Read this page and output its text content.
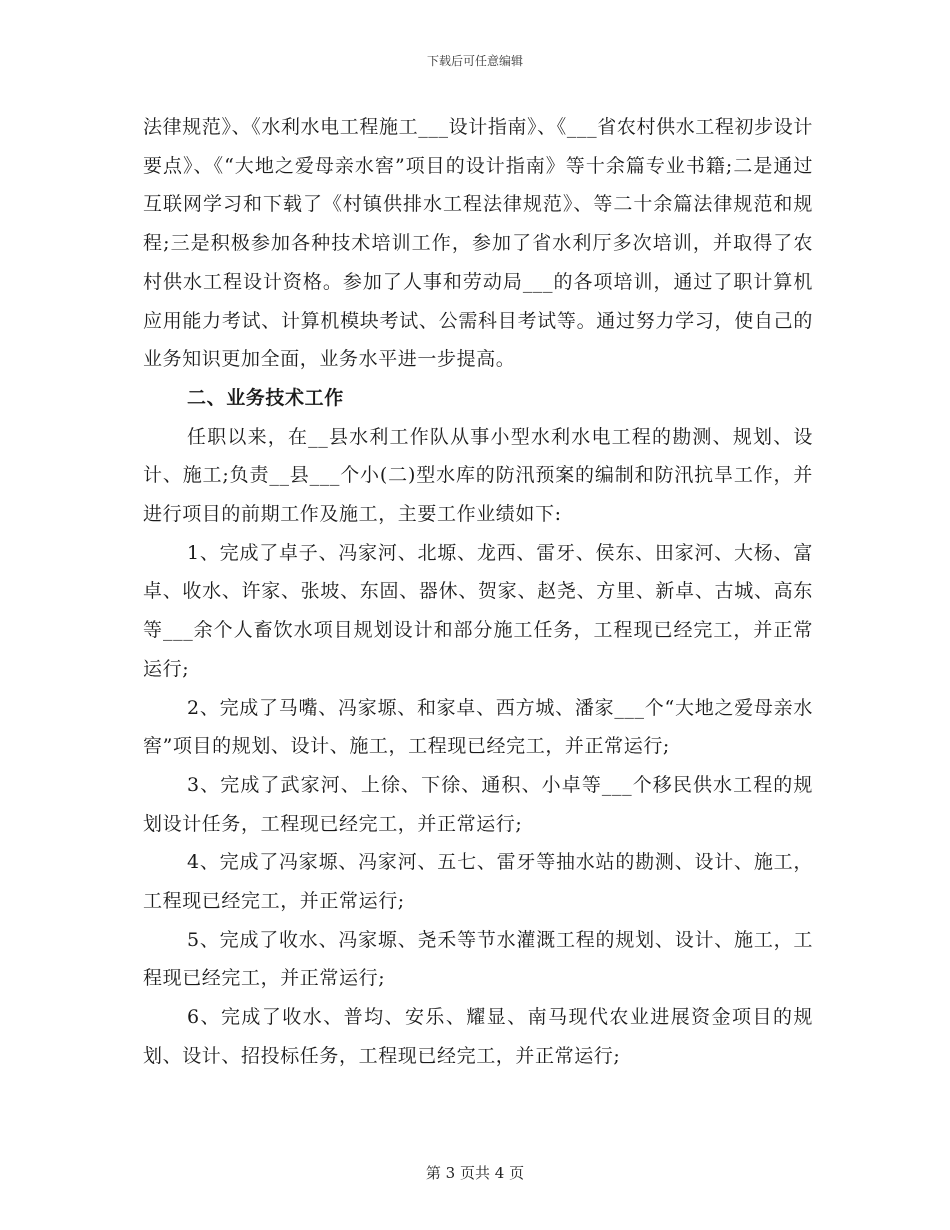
下载后可任意编辑

法律规范》、《水利水电工程施工___设计指南》、《___省农村供水工程初步设计要点》、《“大地之爱母亲水窖”项目的设计指南》等十余篇专业书籍;二是通过互联网学习和下载了《村镇供排水工程法律规范》、等二十余篇法律规范和规程;三是积极参加各种技术培训工作，参加了省水利厅多次培训，并取得了农村供水工程设计资格。参加了人事和劳动局___的各项培训，通过了职计算机应用能力考试、计算机模块考试、公需科目考试等。通过努力学习，使自己的业务知识更加全面，业务水平进一步提高。

二、业务技术工作

任职以来，在__县水利工作队从事小型水利水电工程的勘测、规划、设计、施工;负责__县___个小(二)型水库的防汛预案的编制和防汛抗旱工作，并进行项目的前期工作及施工，主要工作业绩如下:

1、完成了卓子、冯家河、北塬、龙西、雷牙、侯东、田家河、大杨、富卓、收水、许家、张坡、东固、器休、贺家、赵尧、方里、新卓、古城、高东等___余个人畜饮水项目规划设计和部分施工任务，工程现已经完工，并正常运行;

2、完成了马嘴、冯家塬、和家卓、西方城、潘家___个“大地之爱母亲水窖”项目的规划、设计、施工，工程现已经完工，并正常运行;

3、完成了武家河、上徐、下徐、通积、小卓等___个移民供水工程的规划设计任务，工程现已经完工，并正常运行;

4、完成了冯家塬、冯家河、五七、雷牙等抽水站的勘测、设计、施工，工程现已经完工，并正常运行;

5、完成了收水、冯家塬、尧禾等节水灌溉工程的规划、设计、施工，工程现已经完工，并正常运行;

6、完成了收水、普均、安乐、耀显、南马现代农业进展资金项目的规划、设计、招投标任务，工程现已经完工，并正常运行;

第 3 页共 4 页
